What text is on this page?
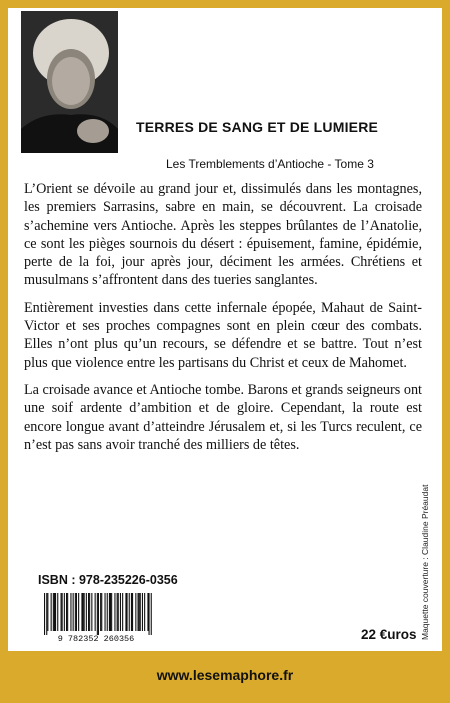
TERRES DE SANG ET DE LUMIERE
Les Tremblements d’Antioche - Tome 3

L’Orient se dévoile au grand jour et, dissimulés dans les montagnes, les premiers Sarrasins, sabre en main, se découvrent. La croisade s’achemine vers Antioche. Après les steppes brûlantes de l’Anatolie, ce sont les pièges sournois du désert : épuisement, famine, épidémie, perte de la foi, jour après jour, déciment les armées. Chrétiens et musulmans s’affrontent dans des tueries sanglantes.

Entièrement investies dans cette infernale épopée, Mahaut de Saint-Victor et ses proches compagnes sont en plein cœur des combats. Elles n’ont plus qu’un recours, se défendre et se battre. Tout n’est plus que violence entre les partisans du Christ et ceux de Mahomet.

La croisade avance et Antioche tombe. Barons et grands seigneurs ont une soif ardente d’ambition et de gloire. Cependant, la route est encore longue avant d’atteindre Jérusalem et, si les Turcs reculent, ce n’est pas sans avoir tranché des milliers de têtes.

ISBN : 978-235226-0356
9 782352 260356	22 €uros Maquette couverture : Claudine Préaudat
www.lesemaphore.fr
